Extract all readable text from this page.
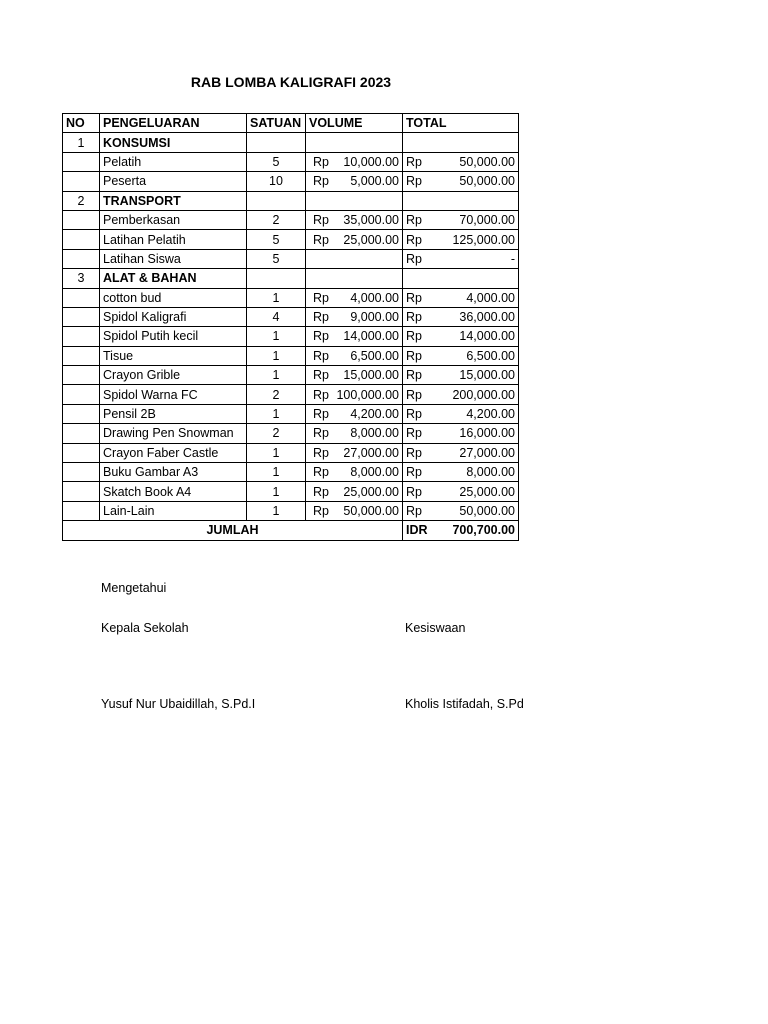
RAB LOMBA KALIGRAFI 2023
NO	PENGELUARAN	SATUAN	VOLUME	TOTAL
1	KONSUMSI			
	Pelatih	5	Rp 10,000.00	Rp 50,000.00

	Peserta	10	Rp 5,000.00	Rp 50,000.00

2	TRANSPORT			
	Pemberkasan	2	Rp 35,000.00	Rp 70,000.00

	Latihan Pelatih	5	Rp 25,000.00	Rp 125,000.00

	Latihan Siswa	5		Rp -

3	ALAT & BAHAN			
	cotton bud	1	Rp 4,000.00	Rp 4,000.00

	Spidol Kaligrafi	4	Rp 9,000.00	Rp 36,000.00

	Spidol Putih kecil	1	Rp 14,000.00	Rp 14,000.00

	Tisue	1	Rp 6,500.00	Rp 6,500.00

	Crayon Grible	1	Rp 15,000.00	Rp 15,000.00

	Spidol Warna FC	2	Rp 100,000.00	Rp 200,000.00

	Pensil 2B	1	Rp 4,200.00	Rp 4,200.00

	Drawing Pen Snowman	2	Rp 8,000.00	Rp 16,000.00

	Crayon Faber Castle	1	Rp 27,000.00	Rp 27,000.00

	Buku Gambar A3	1	Rp 8,000.00	Rp 8,000.00

	Skatch Book A4	1	Rp 25,000.00	Rp 25,000.00

	Lain-Lain	1	Rp 50,000.00	Rp 50,000.00

JUMLAH				IDR 700,700.00
Mengetahui
Kepala Sekolah	Kesiswaan
Yusuf Nur Ubaidillah, S.Pd.I	Kholis Istifadah, S.Pd
